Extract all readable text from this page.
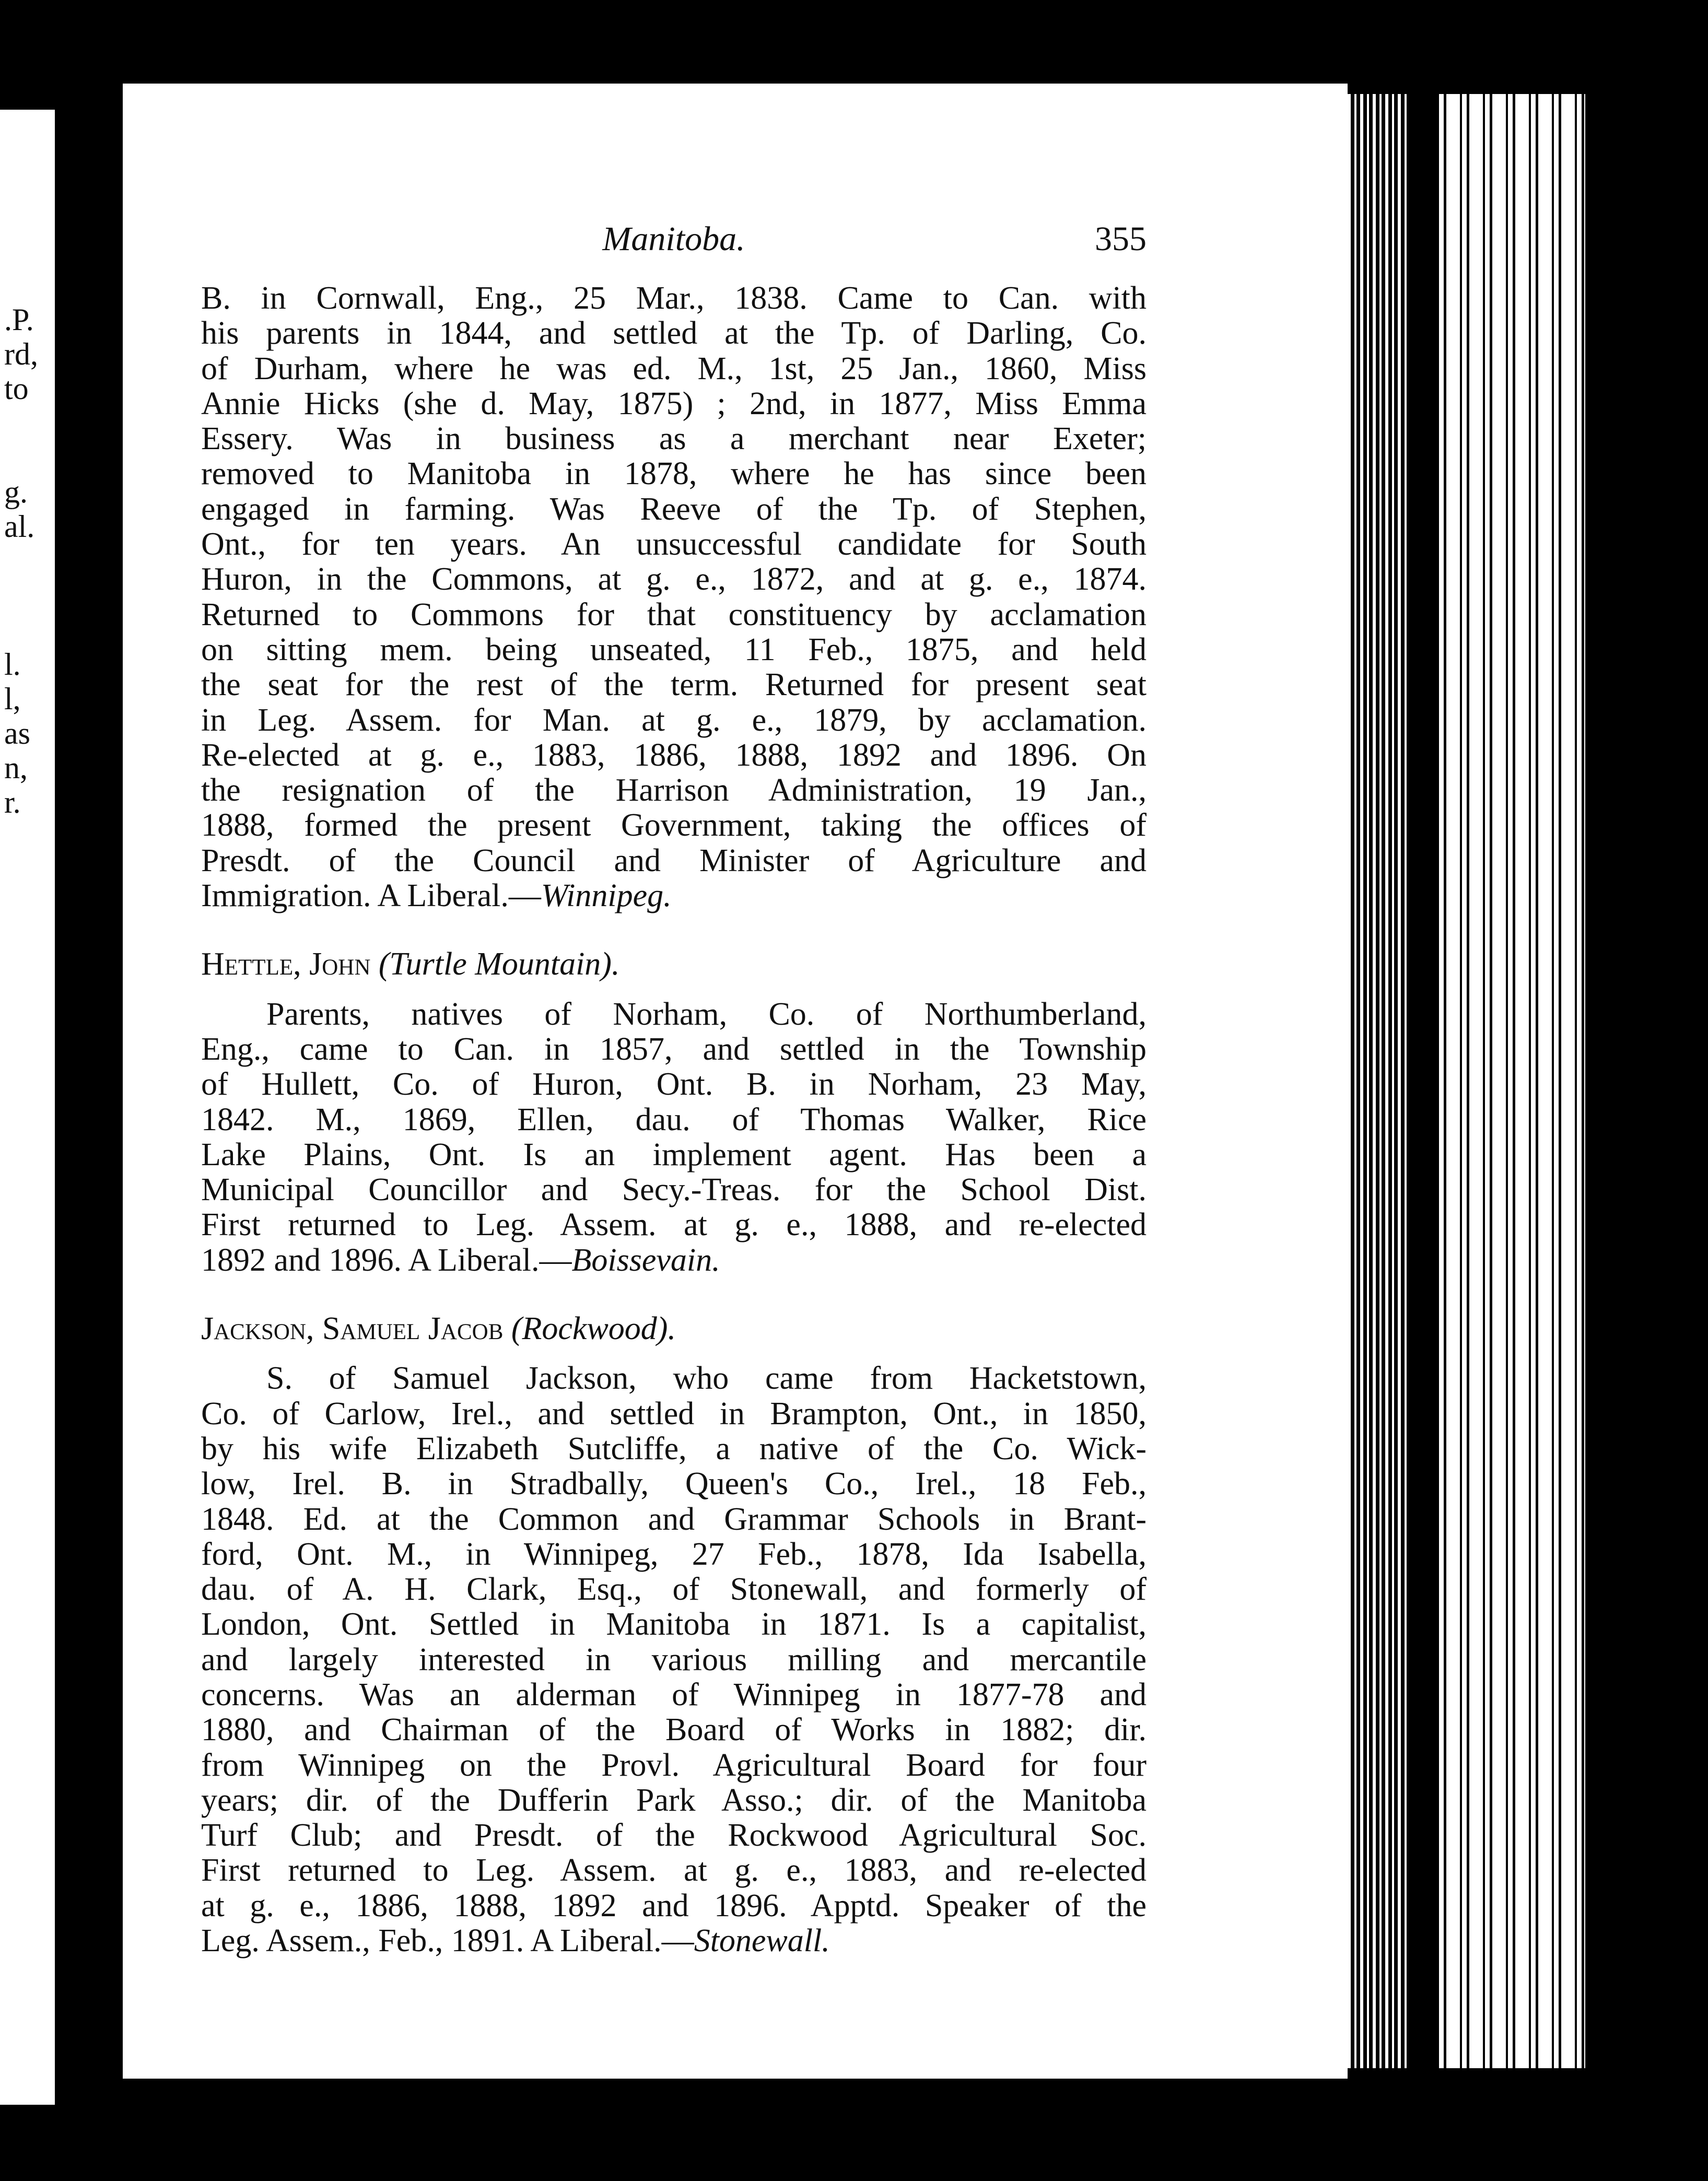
.P.
rd,
to
g.
al.
l.
l,
as
n,
r.
Manitoba.	355
B. in Cornwall, Eng., 25 Mar., 1838. Came to Can. with
his parents in 1844, and settled at the Tp. of Darling, Co.
of Durham, where he was ed. M., 1st, 25 Jan., 1860, Miss
Annie Hicks (she d. May, 1875) ; 2nd, in 1877, Miss Emma
Essery. Was in business as a merchant near Exeter;
removed to Manitoba in 1878, where he has since been
engaged in farming. Was Reeve of the Tp. of Stephen,
Ont., for ten years. An unsuccessful candidate for South
Huron, in the Commons, at g. e., 1872, and at g. e., 1874.
Returned to Commons for that constituency by acclamation
on sitting mem. being unseated, 11 Feb., 1875, and held
the seat for the rest of the term. Returned for present seat
in Leg. Assem. for Man. at g. e., 1879, by acclamation.
Re-elected at g. e., 1883, 1886, 1888, 1892 and 1896. On
the resignation of the Harrison Administration, 19 Jan.,
1888, formed the present Government, taking the offices of
Presdt. of the Council and Minister of Agriculture and
Immigration. A Liberal.—Winnipeg.
Hettle, John (Turtle Mountain).
Parents, natives of Norham, Co. of Northumberland,
Eng., came to Can. in 1857, and settled in the Township
of Hullett, Co. of Huron, Ont. B. in Norham, 23 May,
1842. M., 1869, Ellen, dau. of Thomas Walker, Rice
Lake Plains, Ont. Is an implement agent. Has been a
Municipal Councillor and Secy.-Treas. for the School Dist.
First returned to Leg. Assem. at g. e., 1888, and re-elected
1892 and 1896. A Liberal.—Boissevain.
Jackson, Samuel Jacob (Rockwood).
S. of Samuel Jackson, who came from Hacketstown,
Co. of Carlow, Irel., and settled in Brampton, Ont., in 1850,
by his wife Elizabeth Sutcliffe, a native of the Co. Wick-
low, Irel. B. in Stradbally, Queen's Co., Irel., 18 Feb.,
1848. Ed. at the Common and Grammar Schools in Brant-
ford, Ont. M., in Winnipeg, 27 Feb., 1878, Ida Isabella,
dau. of A. H. Clark, Esq., of Stonewall, and formerly of
London, Ont. Settled in Manitoba in 1871. Is a capitalist,
and largely interested in various milling and mercantile
concerns. Was an alderman of Winnipeg in 1877-78 and
1880, and Chairman of the Board of Works in 1882; dir.
from Winnipeg on the Provl. Agricultural Board for four
years; dir. of the Dufferin Park Asso.; dir. of the Manitoba
Turf Club; and Presdt. of the Rockwood Agricultural Soc.
First returned to Leg. Assem. at g. e., 1883, and re-elected
at g. e., 1886, 1888, 1892 and 1896. Apptd. Speaker of the
Leg. Assem., Feb., 1891. A Liberal.—Stonewall.
